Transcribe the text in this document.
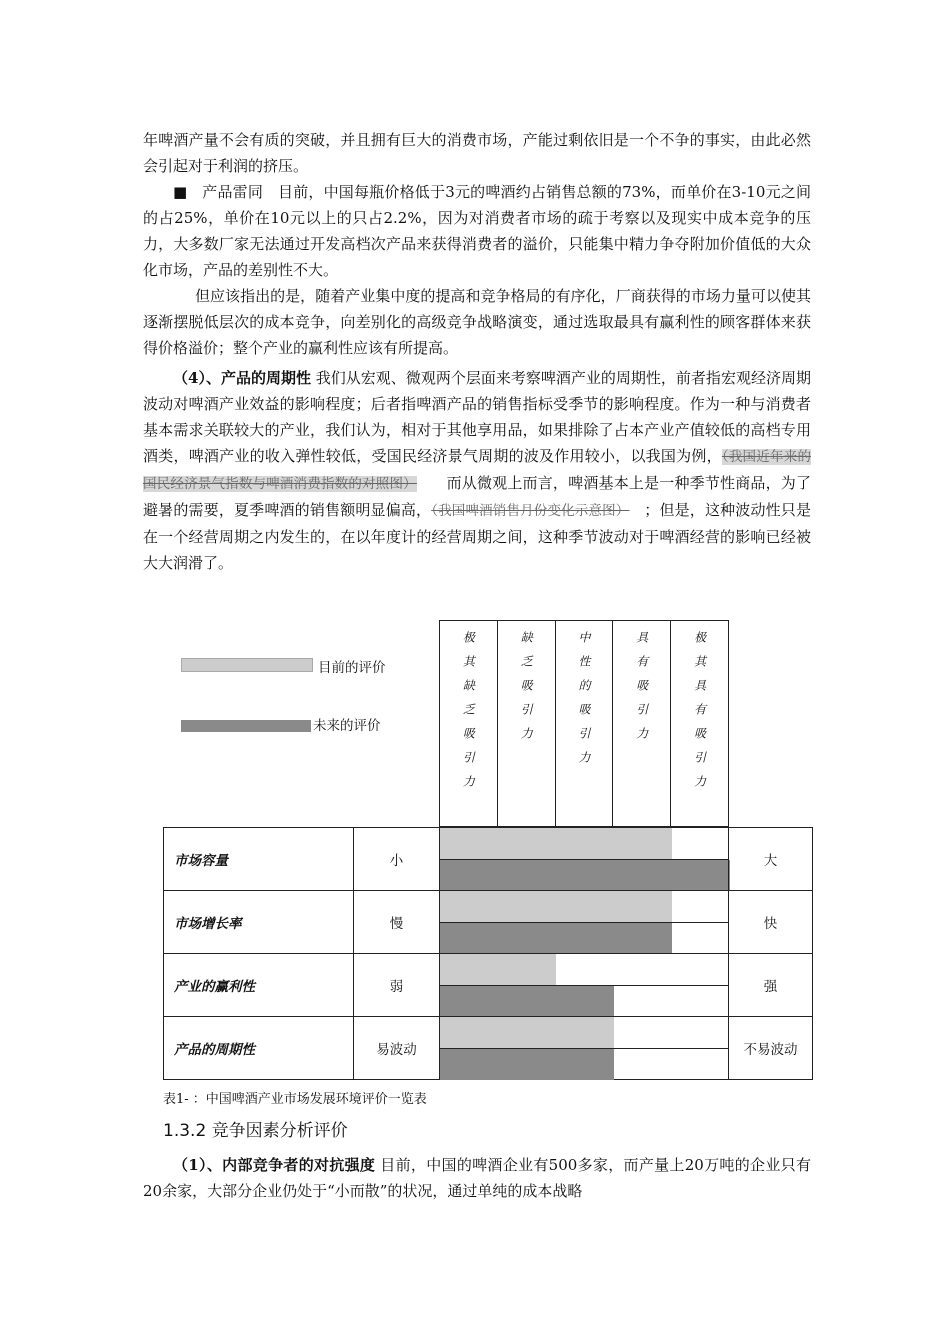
年啤酒产量不会有质的突破，并且拥有巨大的消费市场，产能过剩依旧是一个不争的事实，由此必然会引起对于利润的挤压。

■ 产品雷同 目前，中国每瓶价格低于3元的啤酒约占销售总额的73%，而单价在3-10元之间的占25%，单价在10元以上的只占2.2%，因为对消费者市场的疏于考察以及现实中成本竞争的压力，大多数厂家无法通过开发高档次产品来获得消费者的溢价，只能集中精力争夺附加价值低的大众化市场，产品的差别性不大。

但应该指出的是，随着产业集中度的提高和竞争格局的有序化，厂商获得的市场力量可以使其逐渐摆脱低层次的成本竞争，向差别化的高级竞争战略演变，通过选取最具有赢利性的顾客群体来获得价格溢价；整个产业的赢利性应该有所提高。

（4）、产品的周期性 我们从宏观、微观两个层面来考察啤酒产业的周期性，前者指宏观经济周期波动对啤酒产业效益的影响程度；后者指啤酒产品的销售指标受季节的影响程度。作为一种与消费者基本需求关联较大的产业，我们认为，相对于其他享用品，如果排除了占本产业产值较低的高档专用酒类，啤酒产业的收入弹性较低，受国民经济景气周期的波及作用较小，以我国为例，（我国近年来的国民经济景气指数与啤酒消费指数的对照图） 而从微观上而言，啤酒基本上是一种季节性商品，为了避暑的需要，夏季啤酒的销售额明显偏高，（我国啤酒销售月份变化示意图） ；但是，这种波动性只是在一个经营周期之内发生的，在以年度计的经营周期之间，这种季节波动对于啤酒经营的影响已经被大大润滑了。

目前的评价
未来的评价	极其缺乏吸引力	缺乏吸引力	中性的吸引力	具有吸引力	极其具有吸引力
市场容量	小	大
市场增长率	慢	快
产业的赢利性	弱	强
产品的周期性	易波动	不易波动
表1- ：中国啤酒产业市场发展环境评价一览表
1.3.2 竞争因素分析评价

（1）、内部竞争者的对抗强度 目前，中国的啤酒企业有500多家，而产量上20万吨的企业只有20余家，大部分企业仍处于“小而散”的状况，通过单纯的成本战略
